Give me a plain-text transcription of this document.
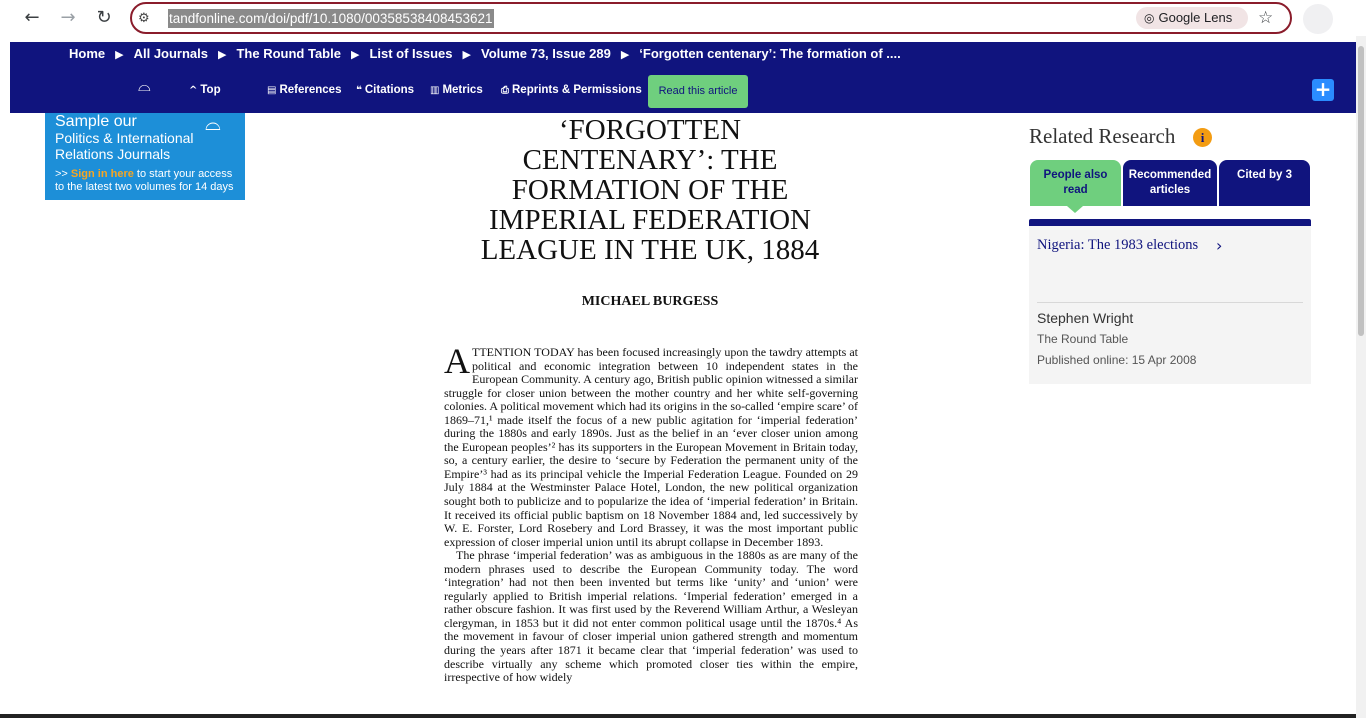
← → ↻	⚙	tandfonline.com/doi/pdf/10.1080/00358538408453621	◎ Google Lens	☆
Home ▶ All Journals ▶ The Round Table ▶ List of Issues ▶ Volume 73, Issue 289 ▶ ‘Forgotten centenary’: The formation of ....
⌓	^ Top	▤ References ❝ Citations ▥ Metrics ⎙ Reprints & Permissions	Read this article	+
⌓
Sample our
Politics & International
Relations Journals
>> Sign in here to start your access to the latest two volumes for 14 days
‘FORGOTTEN
CENTENARY’: THE
FORMATION OF THE
IMPERIAL FEDERATION
LEAGUE IN THE UK, 1884
MICHAEL BURGESS

ATTENTION TODAY has been focused increasingly upon the tawdry attempts at political and economic integration between 10 independent states in the European Community. A century ago, British public opinion witnessed a similar struggle for closer union between the mother country and her white self-governing colonies. A political movement which had its origins in the so-called ‘empire scare’ of 1869–71,¹ made itself the focus of a new public agitation for ‘imperial federation’ during the 1880s and early 1890s. Just as the belief in an ‘ever closer union among the European peoples’² has its supporters in the European Movement in Britain today, so, a century earlier, the desire to ‘secure by Federation the permanent unity of the Empire’³ had as its principal vehicle the Imperial Federation League. Founded on 29 July 1884 at the Westminster Palace Hotel, London, the new political organization sought both to publicize and to popularize the idea of ‘imperial federation’ in Britain. It received its official public baptism on 18 November 1884 and, led successively by W. E. Forster, Lord Rosebery and Lord Brassey, it was the most important public expression of closer imperial union until its abrupt collapse in December 1893.

The phrase ‘imperial federation’ was as ambiguous in the 1880s as are many of the modern phrases used to describe the European Community today. The word ‘integration’ had not then been invented but terms like ‘unity’ and ‘union’ were regularly applied to British imperial relations. ‘Imperial federation’ emerged in a rather obscure fashion. It was first used by the Reverend William Arthur, a Wesleyan clergyman, in 1853 but it did not enter common political usage until the 1870s.⁴ As the movement in favour of closer imperial union gathered strength and momentum during the years after 1871 it became clear that ‘imperial federation’ was used to describe virtually any scheme which promoted closer ties within the empire, irrespective of how widely

Related Research	i
People also read
Recommended articles
Cited by 3
Nigeria: The 1983 elections ›
Stephen Wright
The Round Table
Published online: 15 Apr 2008
